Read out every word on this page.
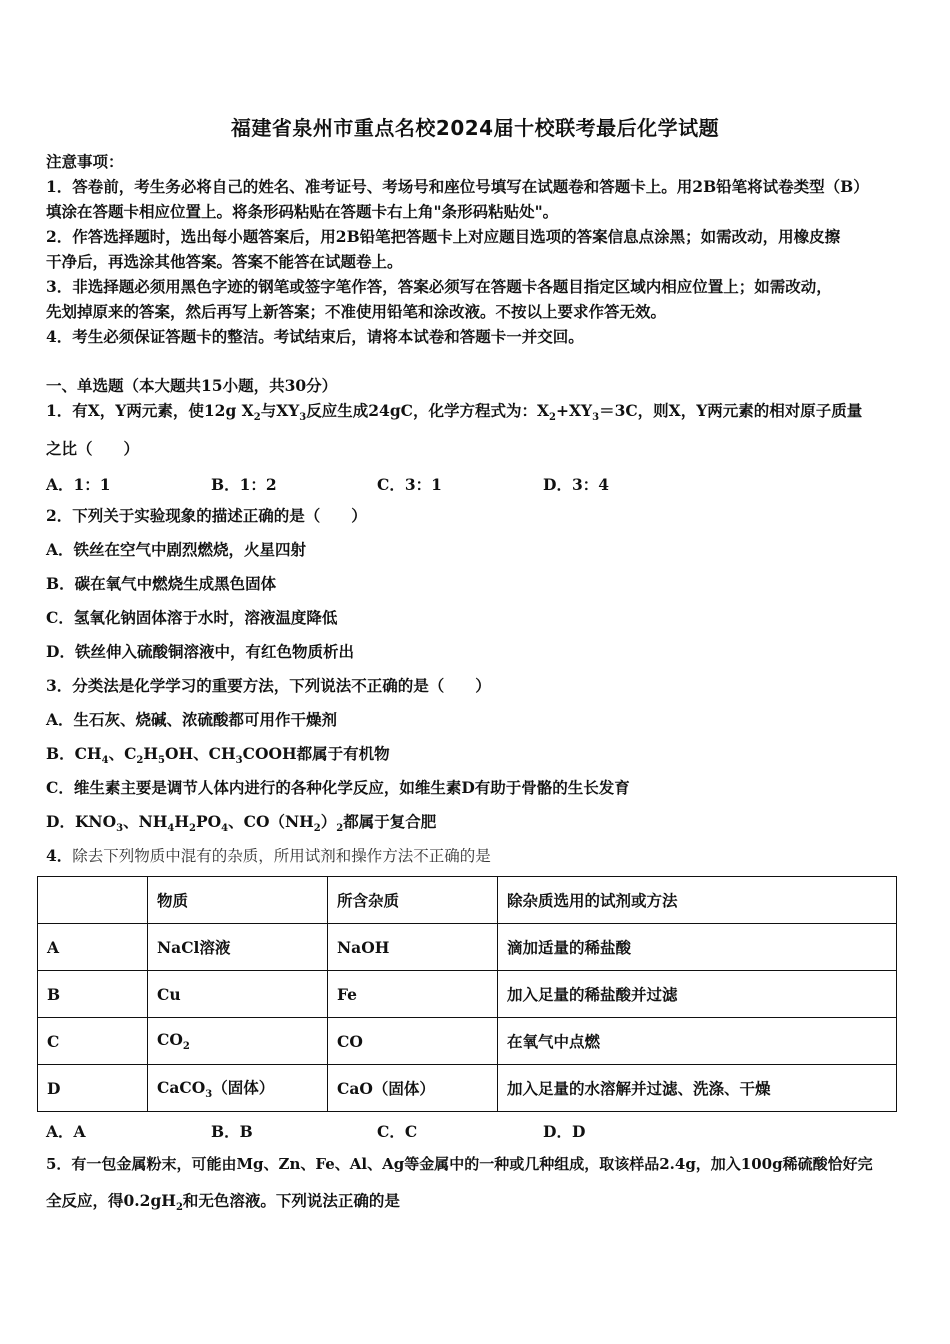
福建省泉州市重点名校2024届十校联考最后化学试题
注意事项：
1．答卷前，考生务必将自己的姓名、准考证号、考场号和座位号填写在试题卷和答题卡上。用2B铅笔将试卷类型（B）
填涂在答题卡相应位置上。将条形码粘贴在答题卡右上角"条形码粘贴处"。
2．作答选择题时，选出每小题答案后，用2B铅笔把答题卡上对应题目选项的答案信息点涂黑；如需改动，用橡皮擦
干净后，再选涂其他答案。答案不能答在试题卷上。
3．非选择题必须用黑色字迹的钢笔或签字笔作答，答案必须写在答题卡各题目指定区域内相应位置上；如需改动，
先划掉原来的答案，然后再写上新答案；不准使用铅笔和涂改液。不按以上要求作答无效。
4．考生必须保证答题卡的整洁。考试结束后，请将本试卷和答题卡一并交回。
一、单选题（本大题共15小题，共30分）
1．有X，Y两元素，使12g $X_2$与$XY_3$反应生成24gC，化学方程式为：$X_2+XY_3=3C$，则X，Y两元素的相对原子质量
之比（　　）
A．1：1	B．1：2	C．3：1	D．3：4
2．下列关于实验现象的描述正确的是（　　）
A．铁丝在空气中剧烈燃烧，火星四射
B．碳在氧气中燃烧生成黑色固体
C．氢氧化钠固体溶于水时，溶液温度降低
D．铁丝伸入硫酸铜溶液中，有红色物质析出
3．分类法是化学学习的重要方法，下列说法不正确的是（　　）
A．生石灰、烧碱、浓硫酸都可用作干燥剂
B．$CH_4$、$C_2H_5OH$、$CH_3COOH$都属于有机物
C．维生素主要是调节人体内进行的各种化学反应，如维生素D有助于骨骼的生长发育
D．$KNO_3$、$NH_4H_2PO_4$、$CO(NH_2)_2$都属于复合肥
4．除去下列物质中混有的杂质，所用试剂和操作方法不正确的是
	物质	所含杂质	除杂质选用的试剂或方法
A	NaCl溶液	NaOH	滴加适量的稀盐酸
B	Cu	Fe	加入足量的稀盐酸并过滤
C	$CO_2$	CO	在氧气中点燃
D	CaCO$_3$（固体）	CaO（固体）	加入足量的水溶解并过滤、洗涤、干燥
A．A	B．B	C．C	D．D
5．有一包金属粉末，可能由Mg、Zn、Fe、Al、Ag等金属中的一种或几种组成，取该样品2.4g，加入100g稀硫酸恰好完
全反应，得$0.2gH_2$和无色溶液。下列说法正确的是
